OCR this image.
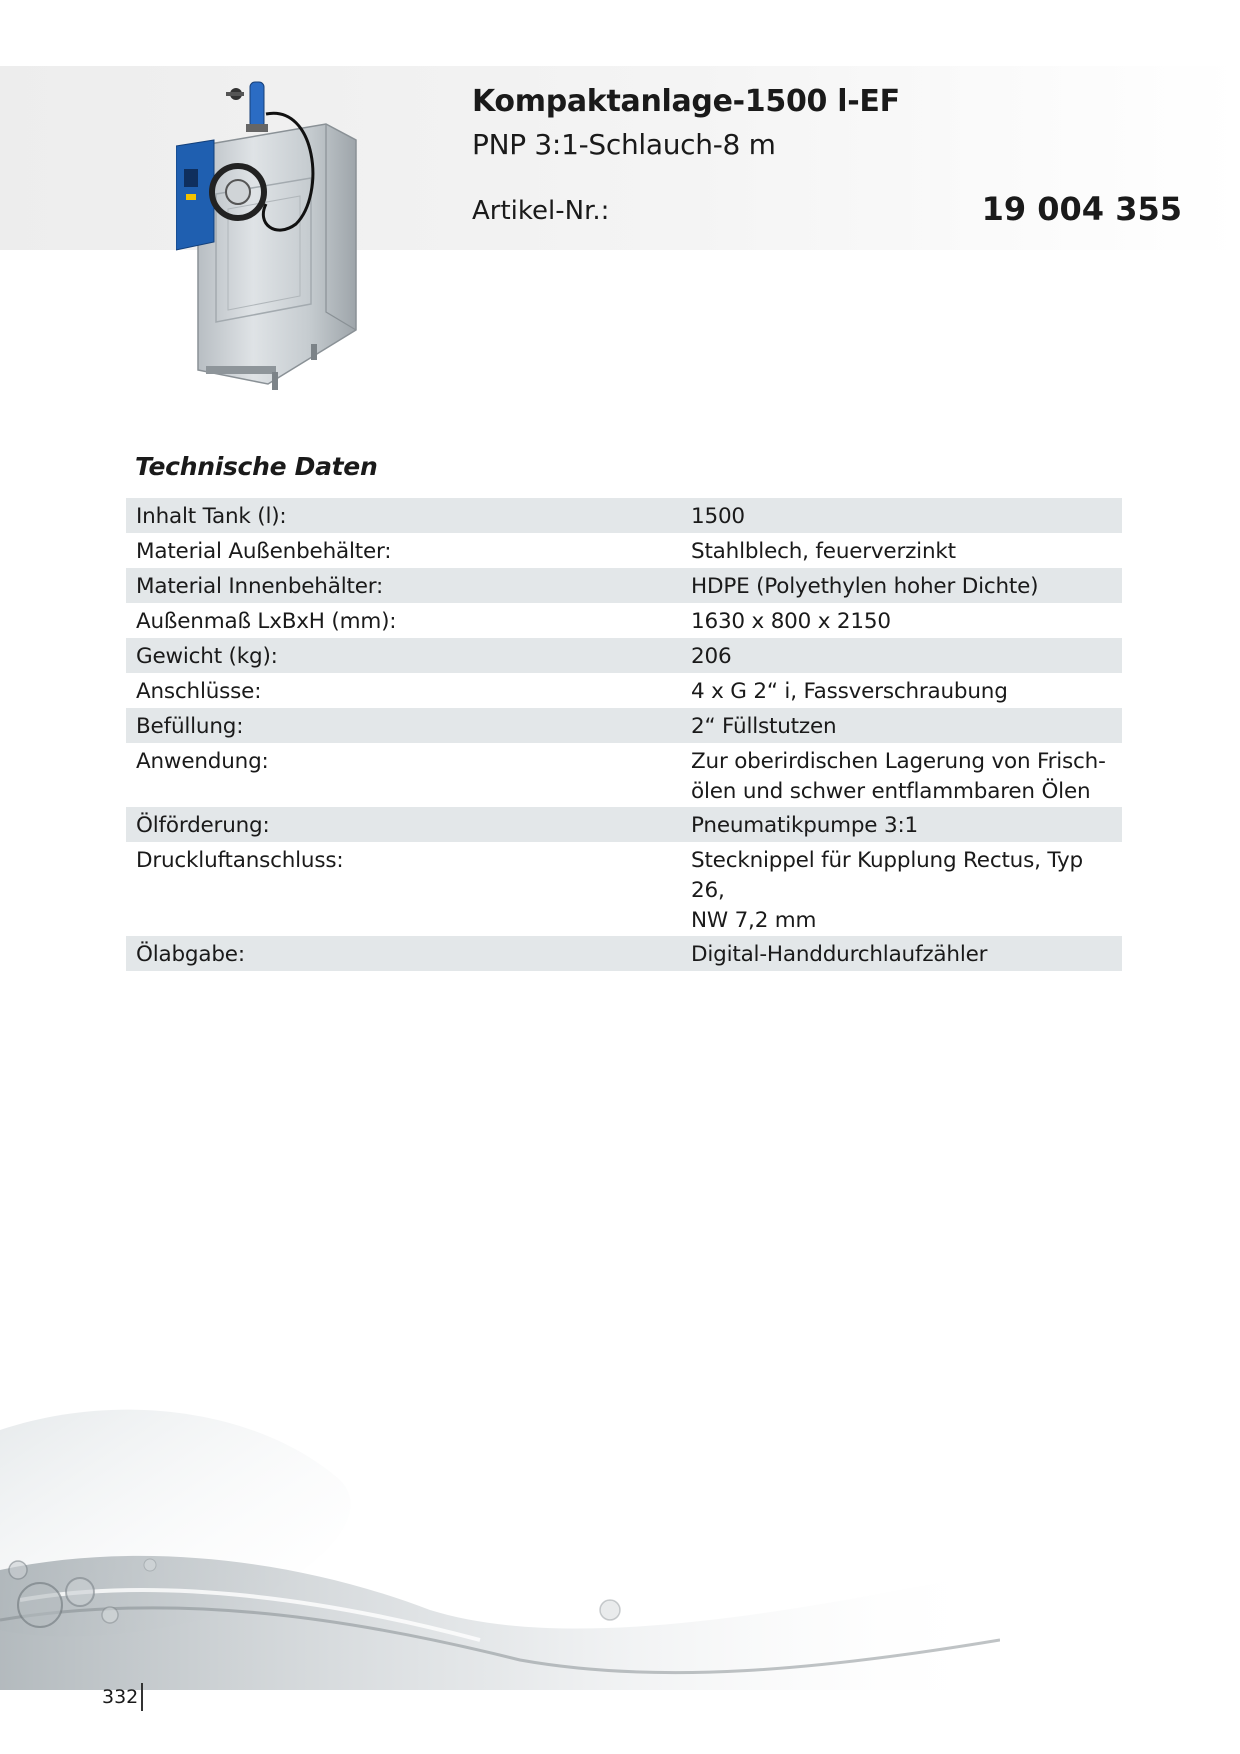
Kompaktanlage-1500 l-EF
PNP 3:1-Schlauch-8 m
Artikel-Nr.:	19 004 355
Technische Daten
Inhalt Tank (l):	1500
Material Außenbehälter:	Stahlblech, feuerverzinkt
Material Innenbehälter:	HDPE (Polyethylen hoher Dichte)
Außenmaß LxBxH (mm):	1630 x 800 x 2150
Gewicht (kg):	206
Anschlüsse:	4 x G 2“ i, Fassverschraubung
Befüllung:	2“ Füllstutzen
Anwendung:	Zur oberirdischen Lagerung von Frisch-
ölen und schwer entflammbaren Ölen
Ölförderung:	Pneumatikpumpe 3:1
Druckluftanschluss:	Stecknippel für Kupplung Rectus, Typ 26,
NW 7,2 mm
Ölabgabe:	Digital-Handdurchlaufzähler
332
